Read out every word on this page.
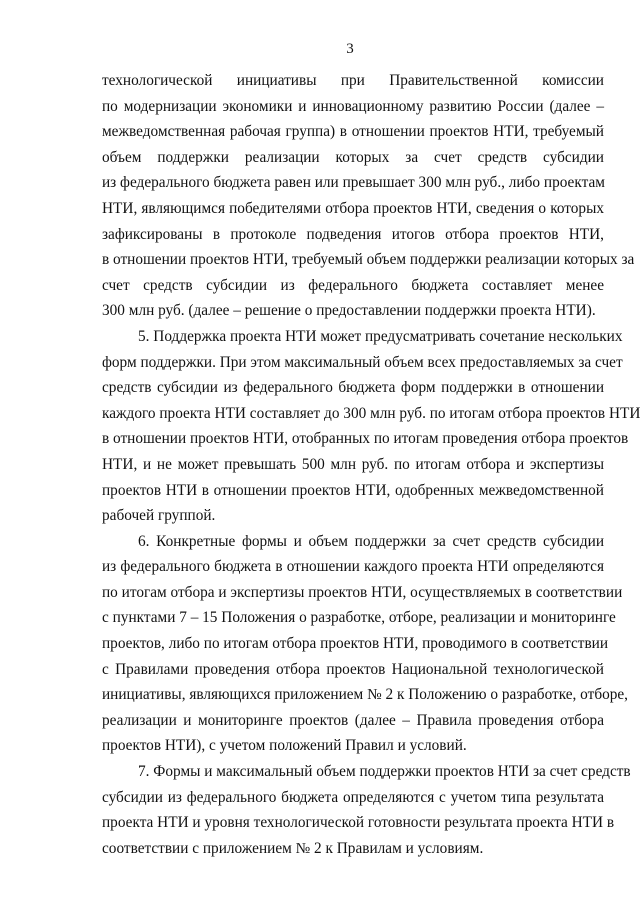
3
технологической инициативы при Правительственной комиссии
по модернизации экономики и инновационному развитию России (далее –
межведомственная рабочая группа) в отношении проектов НТИ, требуемый
объем поддержки реализации которых за счет средств субсидии
из федерального бюджета равен или превышает 300 млн руб., либо проектам
НТИ, являющимся победителями отбора проектов НТИ, сведения о которых
зафиксированы в протоколе подведения итогов отбора проектов НТИ,
в отношении проектов НТИ, требуемый объем поддержки реализации которых за
счет средств субсидии из федерального бюджета составляет менее
300 млн руб. (далее – решение о предоставлении поддержки проекта НТИ).
5. Поддержка проекта НТИ может предусматривать сочетание нескольких
форм поддержки. При этом максимальный объем всех предоставляемых за счет
средств субсидии из федерального бюджета форм поддержки в отношении
каждого проекта НТИ составляет до 300 млн руб. по итогам отбора проектов НТИ
в отношении проектов НТИ, отобранных по итогам проведения отбора проектов
НТИ, и не может превышать 500 млн руб. по итогам отбора и экспертизы
проектов НТИ в отношении проектов НТИ, одобренных межведомственной
рабочей группой.
6. Конкретные формы и объем поддержки за счет средств субсидии
из федерального бюджета в отношении каждого проекта НТИ определяются
по итогам отбора и экспертизы проектов НТИ, осуществляемых в соответствии
с пунктами 7 – 15 Положения о разработке, отборе, реализации и мониторинге
проектов, либо по итогам отбора проектов НТИ, проводимого в соответствии
с Правилами проведения отбора проектов Национальной технологической
инициативы, являющихся приложением № 2 к Положению о разработке, отборе,
реализации и мониторинге проектов (далее – Правила проведения отбора
проектов НТИ), с учетом положений Правил и условий.
7. Формы и максимальный объем поддержки проектов НТИ за счет средств
субсидии из федерального бюджета определяются с учетом типа результата
проекта НТИ и уровня технологической готовности результата проекта НТИ в
соответствии с приложением № 2 к Правилам и условиям.
